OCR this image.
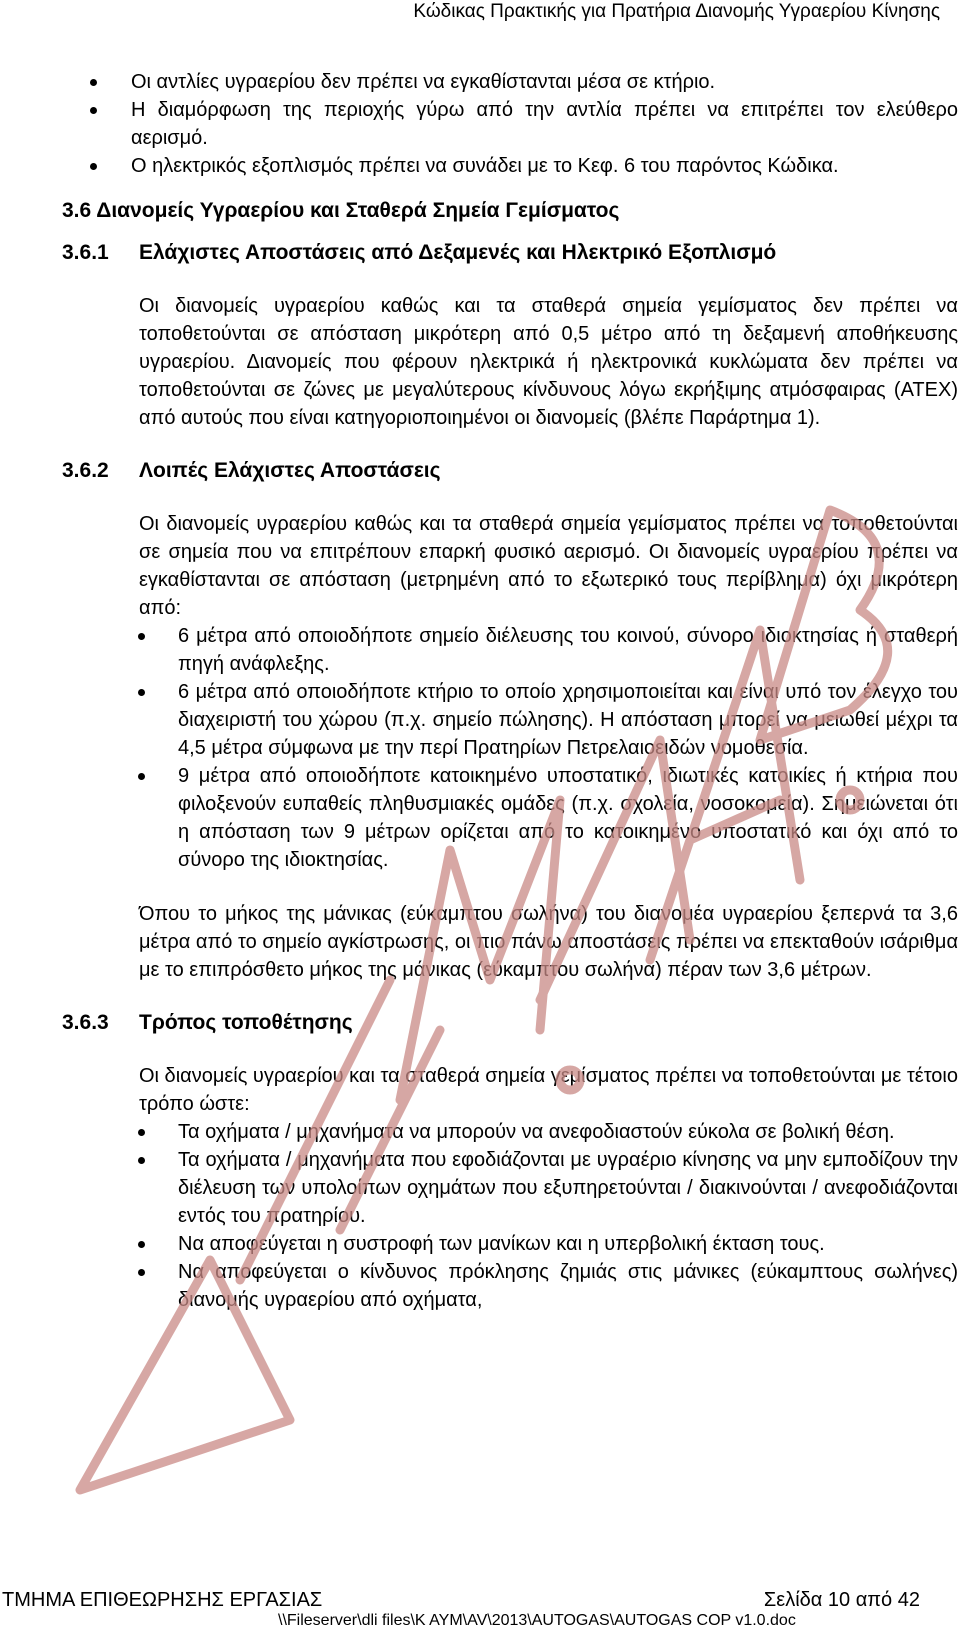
Κώδικας Πρακτικής για Πρατήρια Διανομής Υγραερίου Κίνησης
Οι αντλίες υγραερίου δεν πρέπει να εγκαθίστανται μέσα σε κτήριο.
Η διαμόρφωση της περιοχής γύρω από την αντλία πρέπει να επιτρέπει τον ελεύθερο αερισμό.
Ο ηλεκτρικός εξοπλισμός πρέπει να συνάδει με το Κεφ. 6 του παρόντος Κώδικα.
3.6 Διανομείς Υγραερίου και Σταθερά Σημεία Γεμίσματος
3.6.1	Ελάχιστες Αποστάσεις από Δεξαμενές και Ηλεκτρικό Εξοπλισμό
Οι διανομείς υγραερίου καθώς και τα σταθερά σημεία γεμίσματος δεν πρέπει να τοποθετούνται σε απόσταση μικρότερη από 0,5 μέτρο από τη δεξαμενή αποθήκευσης υγραερίου. Διανομείς που φέρουν ηλεκτρικά ή ηλεκτρονικά κυκλώματα δεν πρέπει να τοποθετούνται σε ζώνες με μεγαλύτερους κίνδυνους λόγω εκρήξιμης ατμόσφαιρας (ATEX) από αυτούς που είναι κατηγοριοποιημένοι οι διανομείς (βλέπε Παράρτημα 1).
3.6.2	Λοιπές Ελάχιστες Αποστάσεις
Οι διανομείς υγραερίου καθώς και τα σταθερά σημεία γεμίσματος πρέπει να τοποθετούνται σε σημεία που να επιτρέπουν επαρκή φυσικό αερισμό. Οι διανομείς υγραερίου πρέπει να εγκαθίστανται σε απόσταση (μετρημένη από το εξωτερικό τους περίβλημα) όχι μικρότερη από:
6 μέτρα από οποιοδήποτε σημείο διέλευσης του κοινού, σύνορο ιδιοκτησίας ή σταθερή πηγή ανάφλεξης.
6 μέτρα από οποιοδήποτε κτήριο το οποίο χρησιμοποιείται και είναι υπό τον έλεγχο του διαχειριστή του χώρου (π.χ. σημείο πώλησης). Η απόσταση μπορεί να μειωθεί μέχρι τα 4,5 μέτρα σύμφωνα με την περί Πρατηρίων Πετρελαιοειδών νομοθεσία.
9 μέτρα από οποιοδήποτε κατοικημένο υποστατικό, ιδιωτικές κατοικίες ή κτήρια που φιλοξενούν ευπαθείς πληθυσμιακές ομάδες (π.χ. σχολεία, νοσοκομεία). Σημειώνεται ότι η απόσταση των 9 μέτρων ορίζεται από το κατοικημένο υποστατικό και όχι από το σύνορο της ιδιοκτησίας.
Όπου το μήκος της μάνικας (εύκαμπτου σωλήνα) του διανομέα υγραερίου ξεπερνά τα 3,6 μέτρα από το σημείο αγκίστρωσης, οι πιο πάνω αποστάσεις πρέπει να επεκταθούν ισάριθμα με το επιπρόσθετο μήκος της μάνικας (εύκαμπτου σωλήνα) πέραν των 3,6 μέτρων.
3.6.3	Τρόπος τοποθέτησης
Οι διανομείς υγραερίου και τα σταθερά σημεία γεμίσματος πρέπει να τοποθετούνται με τέτοιο τρόπο ώστε:
Τα οχήματα / μηχανήματα να μπορούν να ανεφοδιαστούν εύκολα σε βολική θέση.
Τα οχήματα / μηχανήματα που εφοδιάζονται με υγραέριο κίνησης να μην εμποδίζουν την διέλευση των υπολοίπων οχημάτων που εξυπηρετούνται / διακινούνται / ανεφοδιάζονται εντός του πρατηρίου.
Να αποφεύγεται η συστροφή των μανίκων και η υπερβολική έκταση τους.
Να αποφεύγεται ο κίνδυνος πρόκλησης ζημιάς στις μάνικες (εύκαμπτους σωλήνες) διανομής υγραερίου από οχήματα,
ΤΜΗΜΑ ΕΠΙΘΕΩΡΗΣΗΣ ΕΡΓΑΣΙΑΣ	Σελίδα 10 από 42
\\Fileserver\dli files\K AYM\AV\2013\AUTOGAS\AUTOGAS COP v1.0.doc
